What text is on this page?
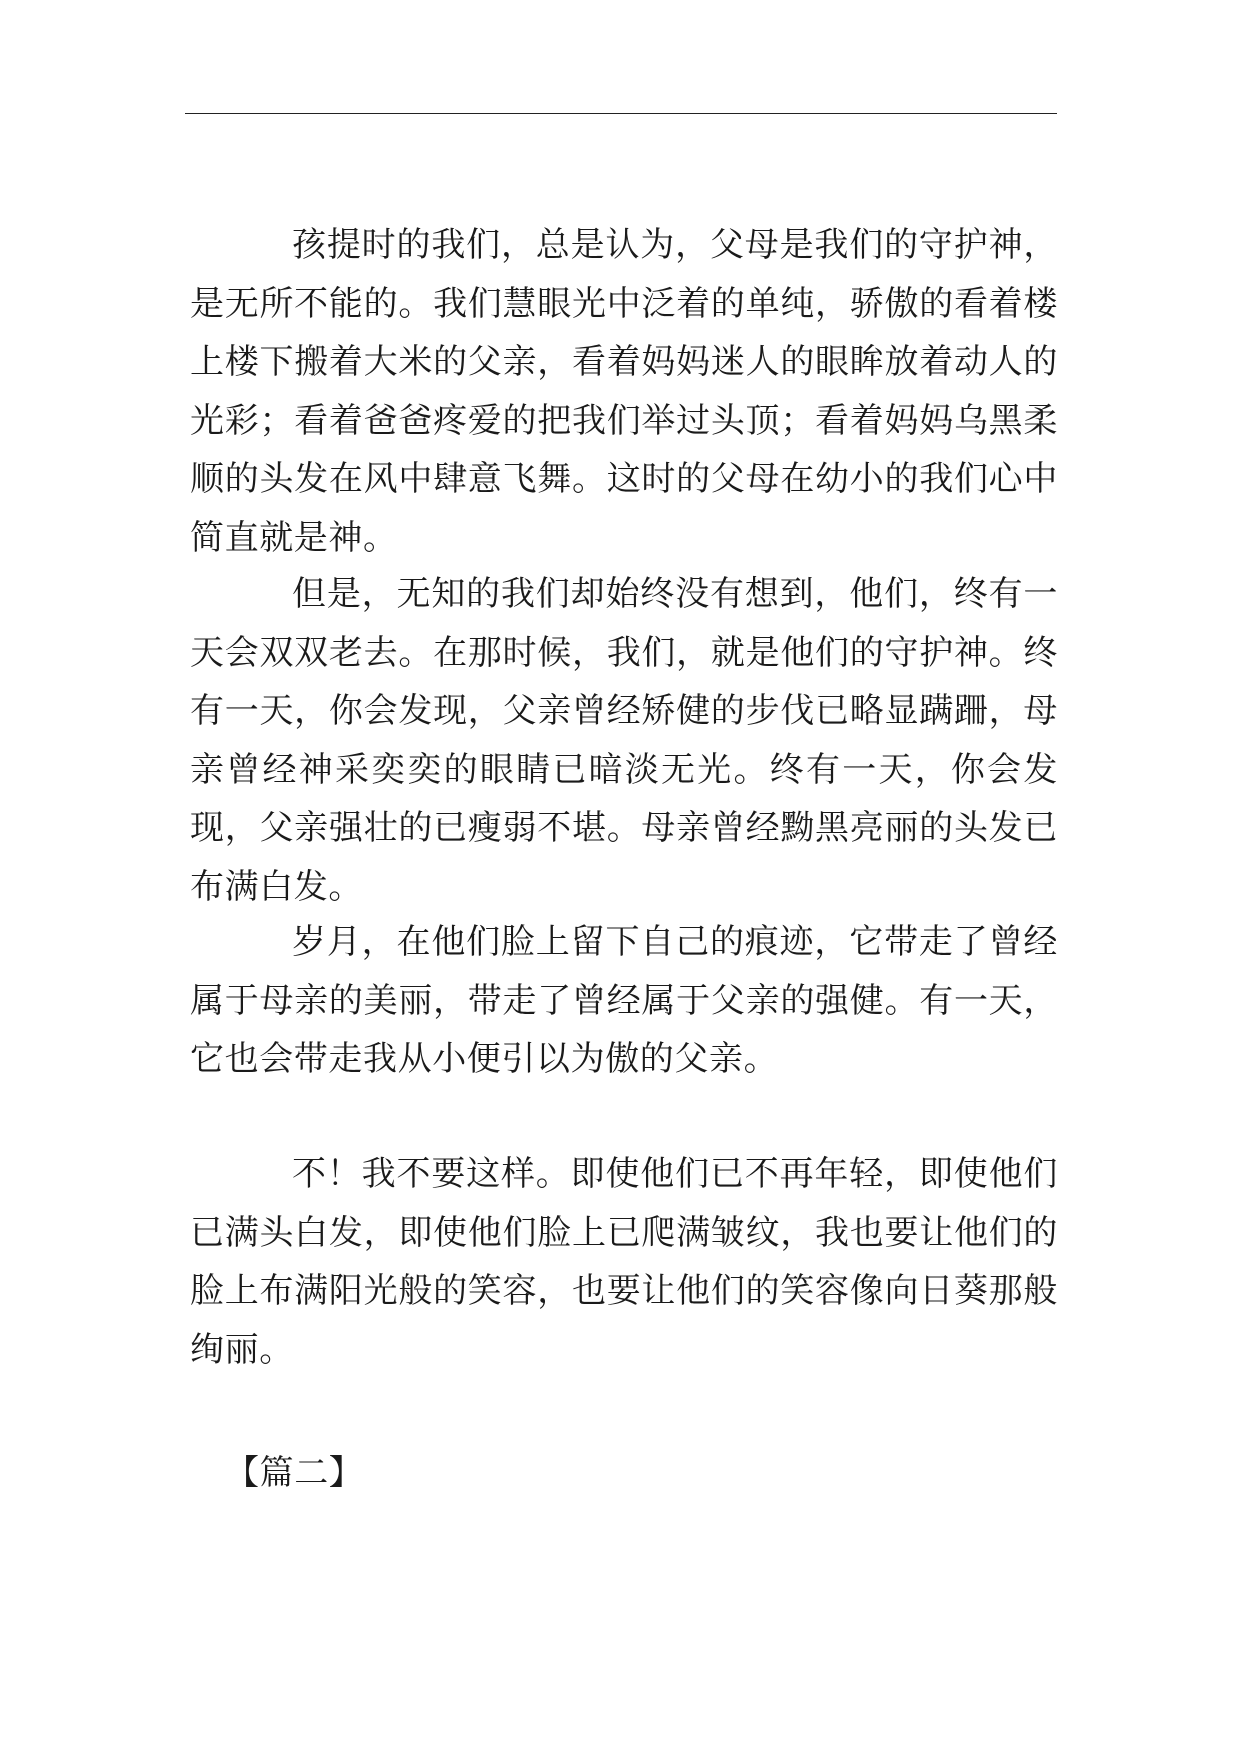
孩提时的我们，总是认为，父母是我们的守护神，是无所不能的。我们慧眼光中泛着的单纯，骄傲的看着楼上楼下搬着大米的父亲，看着妈妈迷人的眼眸放着动人的光彩；看着爸爸疼爱的把我们举过头顶；看着妈妈乌黑柔顺的头发在风中肆意飞舞。这时的父母在幼小的我们心中简直就是神。

但是，无知的我们却始终没有想到，他们，终有一天会双双老去。在那时候，我们，就是他们的守护神。终有一天，你会发现，父亲曾经矫健的步伐已略显蹒跚，母亲曾经神采奕奕的眼睛已暗淡无光。终有一天，你会发现，父亲强壮的已瘦弱不堪。母亲曾经黝黑亮丽的头发已布满白发。

岁月，在他们脸上留下自己的痕迹，它带走了曾经属于母亲的美丽，带走了曾经属于父亲的强健。有一天，它也会带走我从小便引以为傲的父亲。

不！我不要这样。即使他们已不再年轻，即使他们已满头白发，即使他们脸上已爬满皱纹，我也要让他们的脸上布满阳光般的笑容，也要让他们的笑容像向日葵那般绚丽。

【篇二】
